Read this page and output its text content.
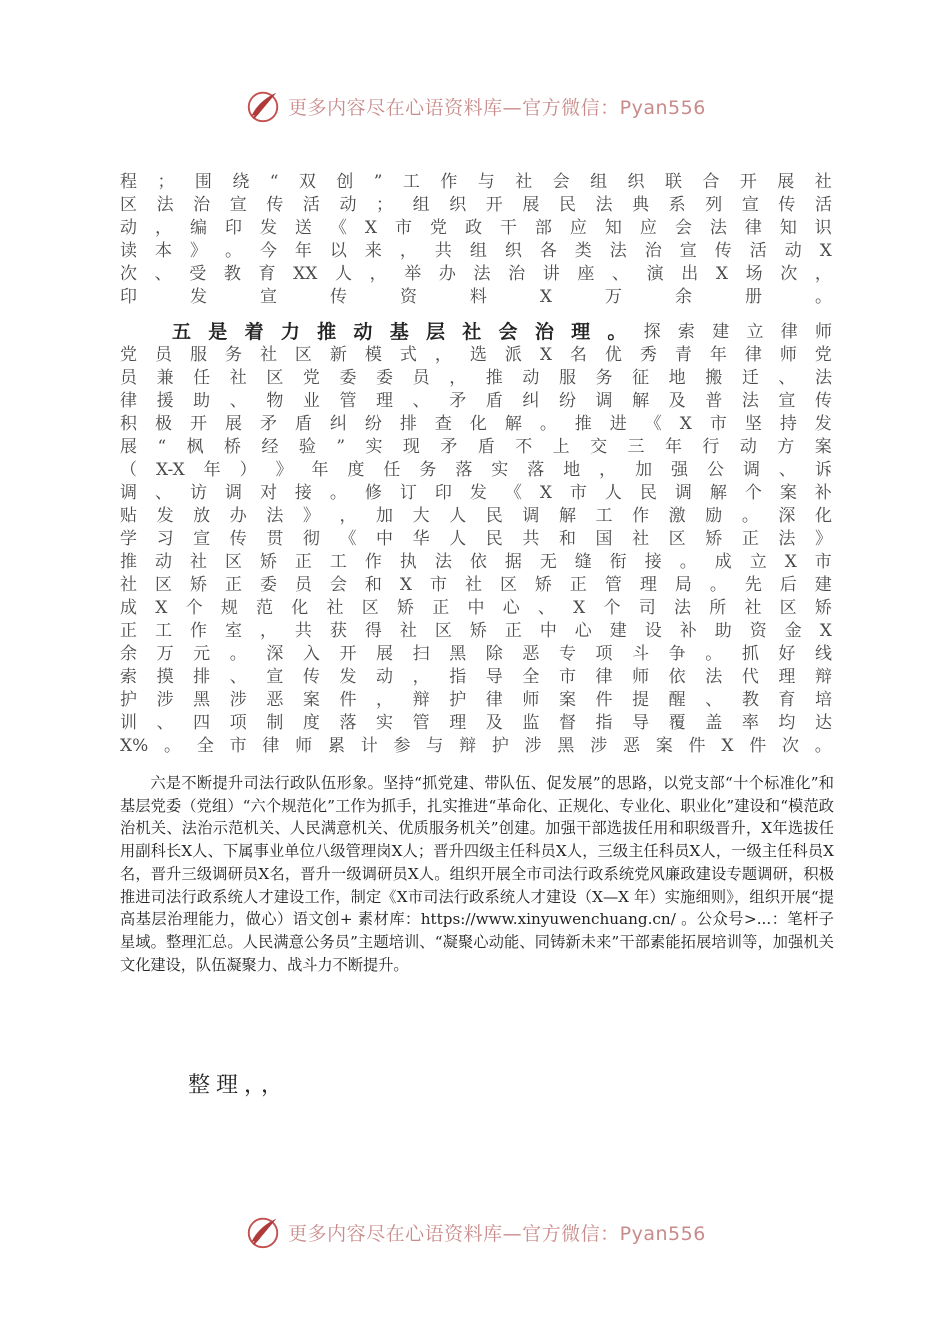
更多内容尽在心语资料库—官方微信：Pyan556
程 ； 围 绕 “ 双 创 ” 工 作 与 社 会 组 织 联 合 开 展 社
区 法 治 宣 传 活 动 ； 组 织 开 展 民 法 典 系 列 宣 传 活
动 ， 编 印 发 送 《 X 市 党 政 干 部 应 知 应 会 法 律 知 识
读 本 》 。 今 年 以 来 ， 共 组 织 各 类 法 治 宣 传 活 动 X
次 、 受 教 育 XX 人 ， 举 办 法 治 讲 座 、 演 出 X 场 次 ，
印	发	宣	传	资	料	X	万	余	册	。
五 是 着 力 推 动 基 层 社 会 治 理 。 探 索 建 立 律 师
党 员 服 务 社 区 新 模 式 ， 选 派 X 名 优 秀 青 年 律 师 党
员 兼 任 社 区 党 委 委 员 ， 推 动 服 务 征 地 搬 迁 、 法
律 援 助 、 物 业 管 理 、 矛 盾 纠 纷 调 解 及 普 法 宣 传
积 极 开 展 矛 盾 纠 纷 排 查 化 解 。 推 进 《 X 市 坚 持 发
展 “ 枫 桥 经 验 ” 实 现 矛 盾 不 上 交 三 年 行 动 方 案
（ X-X 年 ） 》 年 度 任 务 落 实 落 地 ， 加 强 公 调 、 诉
调 、 访 调 对 接 。 修 订 印 发 《 X 市 人 民 调 解 个 案 补
贴 发 放 办 法 》 ， 加 大 人 民 调 解 工 作 激 励 。 深 化
学 习 宣 传 贯 彻 《 中 华 人 民 共 和 国 社 区 矫 正 法 》
推 动 社 区 矫 正 工 作 执 法 依 据 无 缝 衔 接 。 成 立 X 市
社 区 矫 正 委 员 会 和 X 市 社 区 矫 正 管 理 局 。 先 后 建
成 X 个 规 范 化 社 区 矫 正 中 心 、 X 个 司 法 所 社 区 矫
正 工 作 室 ， 共 获 得 社 区 矫 正 中 心 建 设 补 助 资 金 X
余 万 元 。 深 入 开 展 扫 黑 除 恶 专 项 斗 争 。 抓 好 线
索 摸 排 、 宣 传 发 动 ， 指 导 全 市 律 师 依 法 代 理 辩
护 涉 黑 涉 恶 案 件 ， 辩 护 律 师 案 件 提 醒 、 教 育 培
训 、 四 项 制 度 落 实 管 理 及 监 督 指 导 覆 盖 率 均 达
X% 。 全 市 律 师 累 计 参 与 辩 护 涉 黑 涉 恶 案 件 X 件 次 。

六是不断提升司法行政队伍形象。坚持“抓党建、带队伍、促发展”的思路，以党支部“十个标准化”和基层党委（党组）“六个规范化”工作为抓手，扎实推进“革命化、正规化、专业化、职业化”建设和“模范政治机关、法治示范机关、人民满意机关、优质服务机关”创建。加强干部选拔任用和职级晋升，X年选拔任用副科长X人、下属事业单位八级管理岗X人；晋升四级主任科员X人，三级主任科员X人，一级主任科员X名，晋升三级调研员X名，晋升一级调研员X人。组织开展全市司法行政系统党风廉政建设专题调研，积极推进司法行政系统人才建设工作，制定《X市司法行政系统人才建设（X—X 年）实施细则》，组织开展“提高基层治理能力，做心）语文创+ 素材库：https://www.xinyuwenchuang.cn/ 。公众号>...：笔杆子星域。整理汇总。人民满意公务员”主题培训、“凝聚心动能、同铸新未来”干部素能拓展培训等，加强机关文化建设，队伍凝聚力、战斗力不断提升。

整理，，
更多内容尽在心语资料库—官方微信：Pyan556
